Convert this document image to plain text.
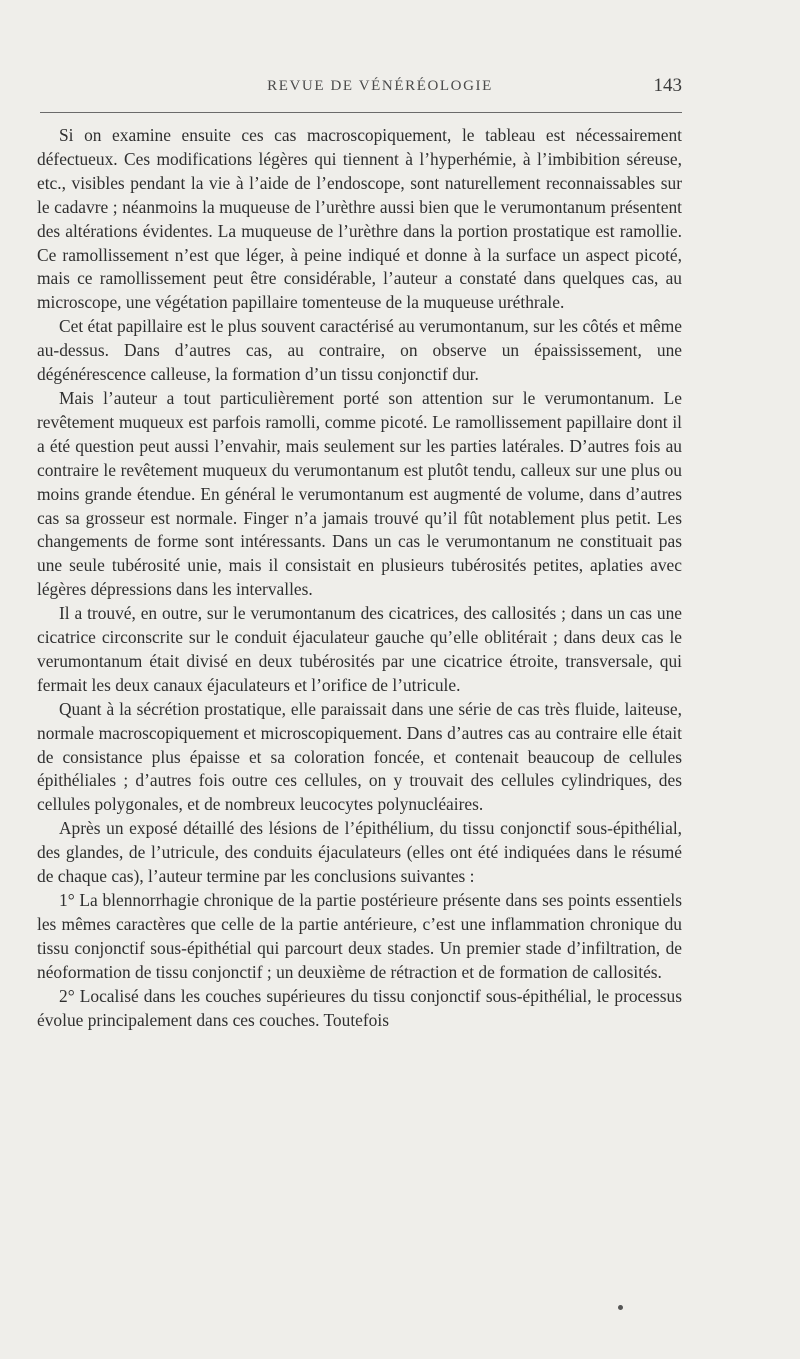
REVUE DE VÉNÉRÉOLOGIE	143

Si on examine ensuite ces cas macroscopiquement, le tableau est nécessairement défectueux. Ces modifications légères qui tiennent à l’hyperhémie, à l’imbibition séreuse, etc., visibles pendant la vie à l’aide de l’endoscope, sont naturellement reconnaissables sur le cadavre ; néanmoins la muqueuse de l’urèthre aussi bien que le verumontanum présentent des altérations évidentes. La muqueuse de l’urèthre dans la portion prostatique est ramollie. Ce ramollissement n’est que léger, à peine indiqué et donne à la surface un aspect picoté, mais ce ramollissement peut être considérable, l’auteur a constaté dans quelques cas, au microscope, une végétation papillaire tomenteuse de la muqueuse uréthrale.

Cet état papillaire est le plus souvent caractérisé au verumontanum, sur les côtés et même au-dessus. Dans d’autres cas, au contraire, on observe un épaississement, une dégénérescence calleuse, la formation d’un tissu conjonctif dur.

Mais l’auteur a tout particulièrement porté son attention sur le verumontanum. Le revêtement muqueux est parfois ramolli, comme picoté. Le ramollissement papillaire dont il a été question peut aussi l’envahir, mais seulement sur les parties latérales. D’autres fois au contraire le revêtement muqueux du verumontanum est plutôt tendu, calleux sur une plus ou moins grande étendue. En général le verumontanum est augmenté de volume, dans d’autres cas sa grosseur est normale. Finger n’a jamais trouvé qu’il fût notablement plus petit. Les changements de forme sont intéressants. Dans un cas le verumontanum ne constituait pas une seule tubérosité unie, mais il consistait en plusieurs tubérosités petites, aplaties avec légères dépressions dans les intervalles.

Il a trouvé, en outre, sur le verumontanum des cicatrices, des callosités ; dans un cas une cicatrice circonscrite sur le conduit éjaculateur gauche qu’elle oblitérait ; dans deux cas le verumontanum était divisé en deux tubérosités par une cicatrice étroite, transversale, qui fermait les deux canaux éjaculateurs et l’orifice de l’utricule.

Quant à la sécrétion prostatique, elle paraissait dans une série de cas très fluide, laiteuse, normale macroscopiquement et microscopiquement. Dans d’autres cas au contraire elle était de consistance plus épaisse et sa coloration foncée, et contenait beaucoup de cellules épithéliales ; d’autres fois outre ces cellules, on y trouvait des cellules cylindriques, des cellules polygonales, et de nombreux leucocytes polynucléaires.

Après un exposé détaillé des lésions de l’épithélium, du tissu conjonctif sous-épithélial, des glandes, de l’utricule, des conduits éjaculateurs (elles ont été indiquées dans le résumé de chaque cas), l’auteur termine par les conclusions suivantes :

1° La blennorrhagie chronique de la partie postérieure présente dans ses points essentiels les mêmes caractères que celle de la partie antérieure, c’est une inflammation chronique du tissu conjonctif sous-épithétial qui parcourt deux stades. Un premier stade d’infiltration, de néoformation de tissu conjonctif ; un deuxième de rétraction et de formation de callosités.

2° Localisé dans les couches supérieures du tissu conjonctif sous-épithélial, le processus évolue principalement dans ces couches. Toutefois
